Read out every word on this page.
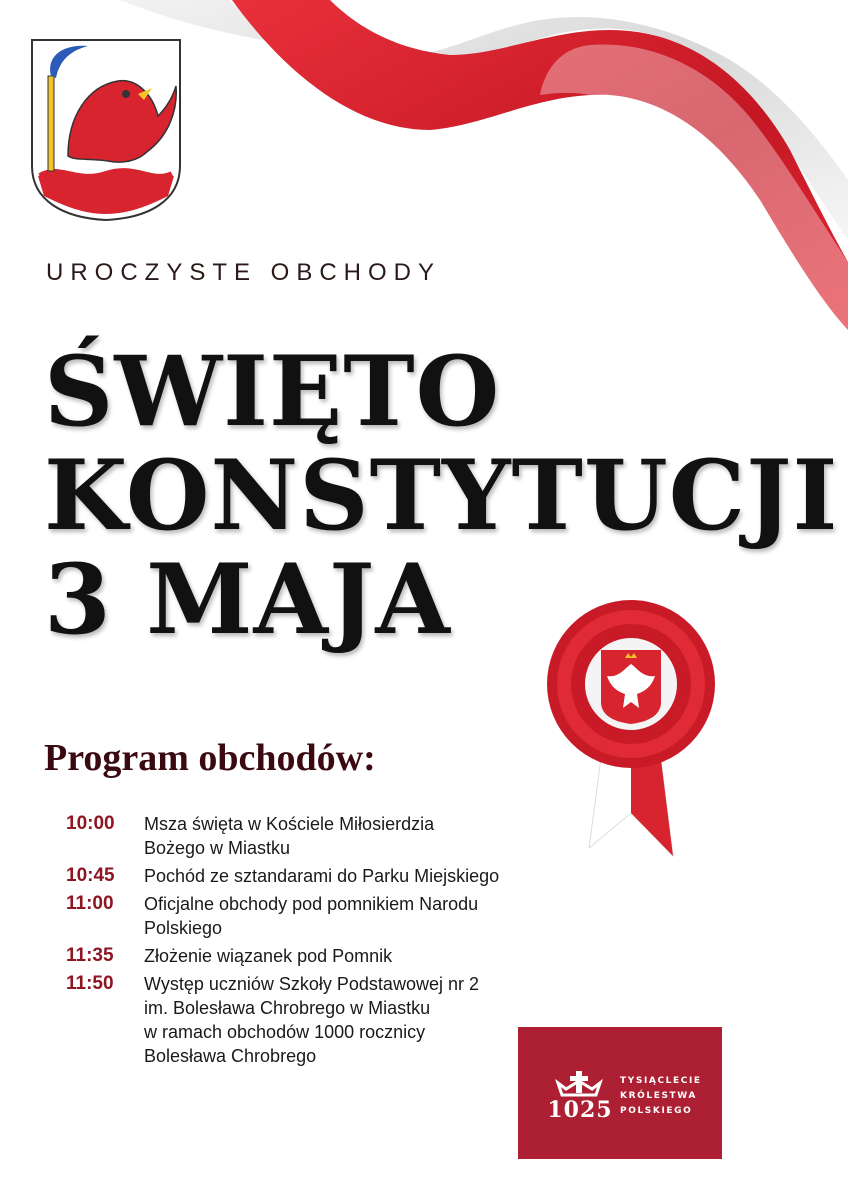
UROCZYSTE OBCHODY
ŚWIĘTO
KONSTYTUCJI
3 MAJA
Program obchodów:
10:00	Msza święta w Kościele Miłosierdzia
Bożego w Miastku
10:45	Pochód ze sztandarami do Parku Miejskiego
11:00	Oficjalne obchody pod pomnikiem Narodu
Polskiego
11:35	Złożenie wiązanek pod Pomnik
11:50	Występ uczniów Szkoły Podstawowej nr 2
im. Bolesława Chrobrego w Miastku
w ramach obchodów 1000 rocznicy
Bolesława Chrobrego
1025
TYSIĄCLECIE
KRÓLESTWA
POLSKIEGO
